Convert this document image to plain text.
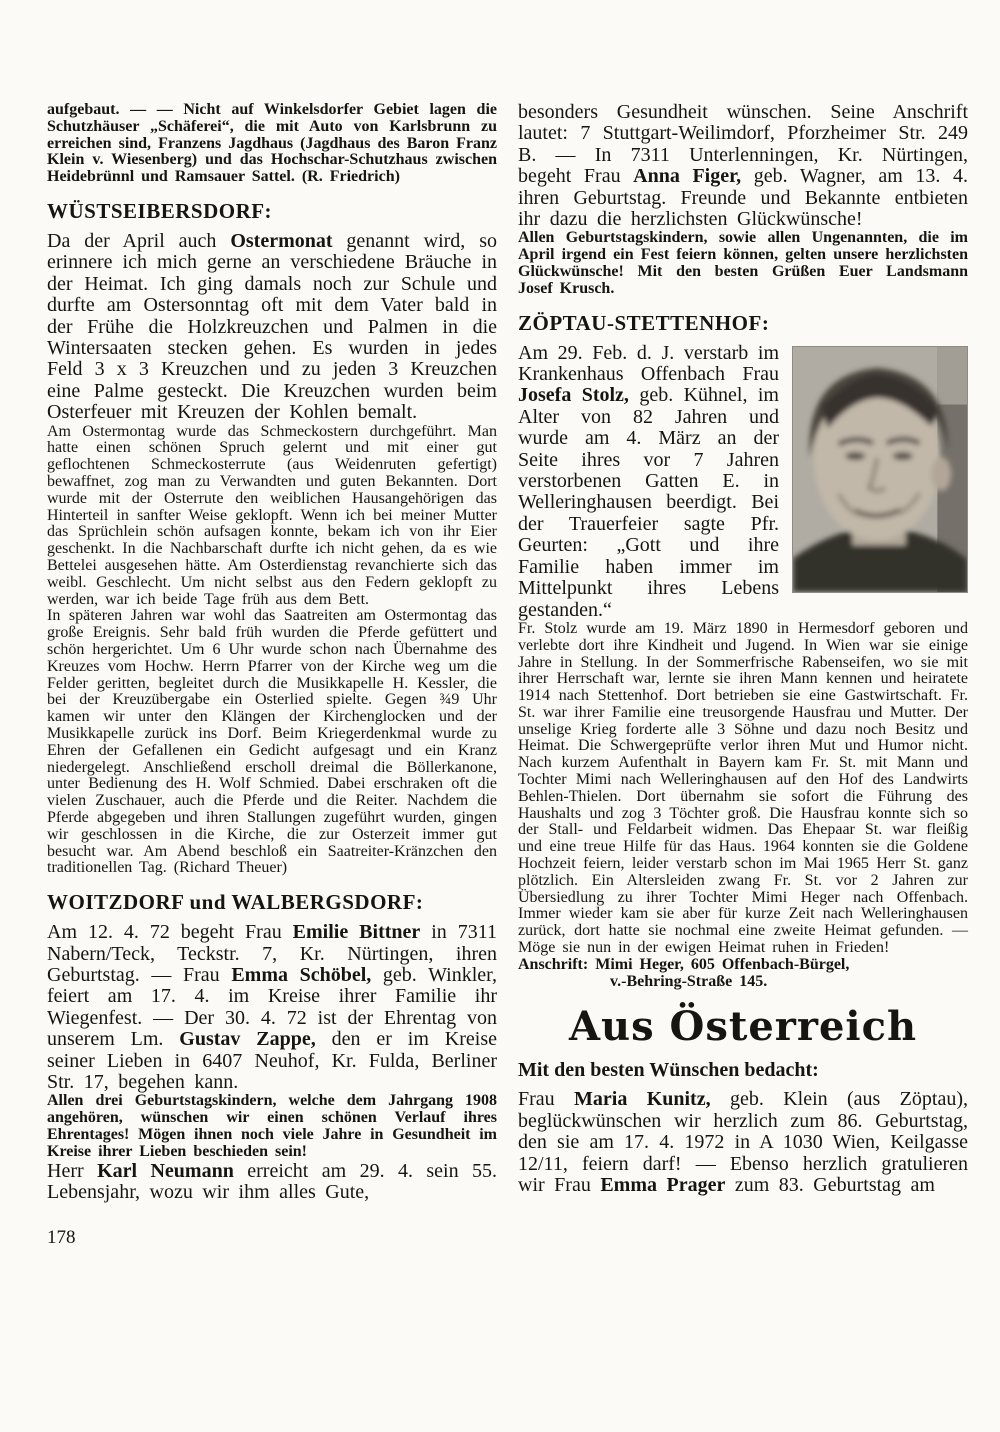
aufgebaut. — — Nicht auf Winkelsdorfer Gebiet lagen die Schutzhäuser „Schäferei“, die mit Auto von Karlsbrunn zu erreichen sind, Franzens Jagdhaus (Jagdhaus des Baron Franz Klein v. Wiesenberg) und das Hochschar-Schutzhaus zwischen Heidebrünnl und Ramsauer Sattel. (R. Friedrich)

WÜSTSEIBERSDORF:

Da der April auch Ostermonat genannt wird, so erinnere ich mich gerne an verschiedene Bräuche in der Heimat. Ich ging damals noch zur Schule und durfte am Ostersonntag oft mit dem Vater bald in der Frühe die Holzkreuzchen und Palmen in die Wintersaaten stecken gehen. Es wurden in jedes Feld 3 x 3 Kreuzchen und zu jeden 3 Kreuzchen eine Palme gesteckt. Die Kreuzchen wurden beim Osterfeuer mit Kreuzen der Kohlen bemalt.

Am Ostermontag wurde das Schmeckostern durchgeführt. Man hatte einen schönen Spruch gelernt und mit einer gut geflochtenen Schmeckosterrute (aus Weidenruten gefertigt) bewaffnet, zog man zu Verwandten und guten Bekannten. Dort wurde mit der Osterrute den weiblichen Hausangehörigen das Hinterteil in sanfter Weise geklopft. Wenn ich bei meiner Mutter das Sprüchlein schön aufsagen konnte, bekam ich von ihr Eier geschenkt. In die Nachbarschaft durfte ich nicht gehen, da es wie Bettelei ausgesehen hätte. Am Osterdienstag revanchierte sich das weibl. Geschlecht. Um nicht selbst aus den Federn geklopft zu werden, war ich beide Tage früh aus dem Bett.

In späteren Jahren war wohl das Saatreiten am Ostermontag das große Ereignis. Sehr bald früh wurden die Pferde gefüttert und schön hergerichtet. Um 6 Uhr wurde schon nach Übernahme des Kreuzes vom Hochw. Herrn Pfarrer von der Kirche weg um die Felder geritten, begleitet durch die Musikkapelle H. Kessler, die bei der Kreuzübergabe ein Osterlied spielte. Gegen ¾9 Uhr kamen wir unter den Klängen der Kirchenglocken und der Musikkapelle zurück ins Dorf. Beim Kriegerdenkmal wurde zu Ehren der Gefallenen ein Gedicht aufgesagt und ein Kranz niedergelegt. Anschließend erscholl dreimal die Böllerkanone, unter Bedienung des H. Wolf Schmied. Dabei erschraken oft die vielen Zuschauer, auch die Pferde und die Reiter. Nachdem die Pferde abgegeben und ihren Stallungen zugeführt wurden, gingen wir geschlossen in die Kirche, die zur Osterzeit immer gut besucht war. Am Abend beschloß ein Saatreiter-Kränzchen den traditionellen Tag. (Richard Theuer)

WOITZDORF und WALBERGSDORF:

Am 12. 4. 72 begeht Frau Emilie Bittner in 7311 Nabern/Teck, Teckstr. 7, Kr. Nürtingen, ihren Geburtstag. — Frau Emma Schöbel, geb. Winkler, feiert am 17. 4. im Kreise ihrer Familie ihr Wiegenfest. — Der 30. 4. 72 ist der Ehrentag von unserem Lm. Gustav Zappe, den er im Kreise seiner Lieben in 6407 Neuhof, Kr. Fulda, Berliner Str. 17, begehen kann.

Allen drei Geburtstagskindern, welche dem Jahrgang 1908 angehören, wünschen wir einen schönen Verlauf ihres Ehrentages! Mögen ihnen noch viele Jahre in Gesundheit im Kreise ihrer Lieben beschieden sein!

Herr Karl Neumann erreicht am 29. 4. sein 55. Lebensjahr, wozu wir ihm alles Gute,

178

besonders Gesundheit wünschen. Seine Anschrift lautet: 7 Stuttgart-Weilimdorf, Pforzheimer Str. 249 B. — In 7311 Unterlenningen, Kr. Nürtingen, begeht Frau Anna Figer, geb. Wagner, am 13. 4. ihren Geburtstag. Freunde und Bekannte entbieten ihr dazu die herzlichsten Glückwünsche!

Allen Geburtstagskindern, sowie allen Ungenannten, die im April irgend ein Fest feiern können, gelten unsere herzlichsten Glückwünsche! Mit den besten Grüßen Euer Landsmann Josef Krusch.

ZÖPTAU-STETTENHOF:

Am 29. Feb. d. J. verstarb im Krankenhaus Offenbach Frau Josefa Stolz, geb. Kühnel, im Alter von 82 Jahren und wurde am 4. März an der Seite ihres vor 7 Jahren verstorbenen Gatten E. in Welleringhausen beerdigt. Bei der Trauerfeier sagte Pfr. Geurten: „Gott und ihre Familie haben immer im Mittelpunkt ihres Lebens gestanden.“

Fr. Stolz wurde am 19. März 1890 in Hermesdorf geboren und verlebte dort ihre Kindheit und Jugend. In Wien war sie einige Jahre in Stellung. In der Sommerfrische Rabenseifen, wo sie mit ihrer Herrschaft war, lernte sie ihren Mann kennen und heiratete 1914 nach Stettenhof. Dort betrieben sie eine Gastwirtschaft. Fr. St. war ihrer Familie eine treusorgende Hausfrau und Mutter. Der unselige Krieg forderte alle 3 Söhne und dazu noch Besitz und Heimat. Die Schwergeprüfte verlor ihren Mut und Humor nicht. Nach kurzem Aufenthalt in Bayern kam Fr. St. mit Mann und Tochter Mimi nach Welleringhausen auf den Hof des Landwirts Behlen-Thielen. Dort übernahm sie sofort die Führung des Haushalts und zog 3 Töchter groß. Die Hausfrau konnte sich so der Stall- und Feldarbeit widmen. Das Ehepaar St. war fleißig und eine treue Hilfe für das Haus. 1964 konnten sie die Goldene Hochzeit feiern, leider verstarb schon im Mai 1965 Herr St. ganz plötzlich. Ein Altersleiden zwang Fr. St. vor 2 Jahren zur Übersiedlung zu ihrer Tochter Mimi Heger nach Offenbach. Immer wieder kam sie aber für kurze Zeit nach Welleringhausen zurück, dort hatte sie nochmal eine zweite Heimat gefunden. — Möge sie nun in der ewigen Heimat ruhen in Frieden!

Anschrift: Mimi Heger, 605 Offenbach-Bürgel,
v.-Behring-Straße 145.

Aus Österreich

Mit den besten Wünschen bedacht:

Frau Maria Kunitz, geb. Klein (aus Zöptau), beglückwünschen wir herzlich zum 86. Geburtstag, den sie am 17. 4. 1972 in A 1030 Wien, Keilgasse 12/11, feiern darf! — Ebenso herzlich gratulieren wir Frau Emma Prager zum 83. Geburtstag am
